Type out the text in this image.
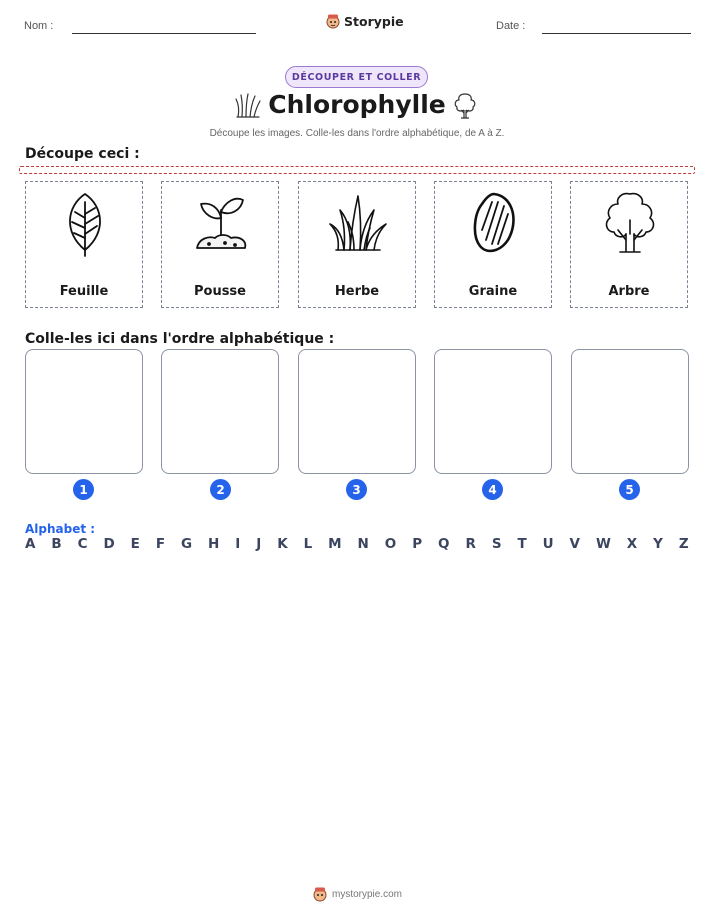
Nom :	Storypie	Date :
DÉCOUPER ET COLLER
Chlorophylle
Découpe les images. Colle-les dans l'ordre alphabétique, de A à Z.
Découpe ceci :
Feuille	Pousse	Herbe	Graine	Arbre
Colle-les ici dans l'ordre alphabétique :
1	2	3	4	5
Alphabet :
A B C D E F G H I J K L M N O P Q R S T U V W X Y Z
mystorypie.com
